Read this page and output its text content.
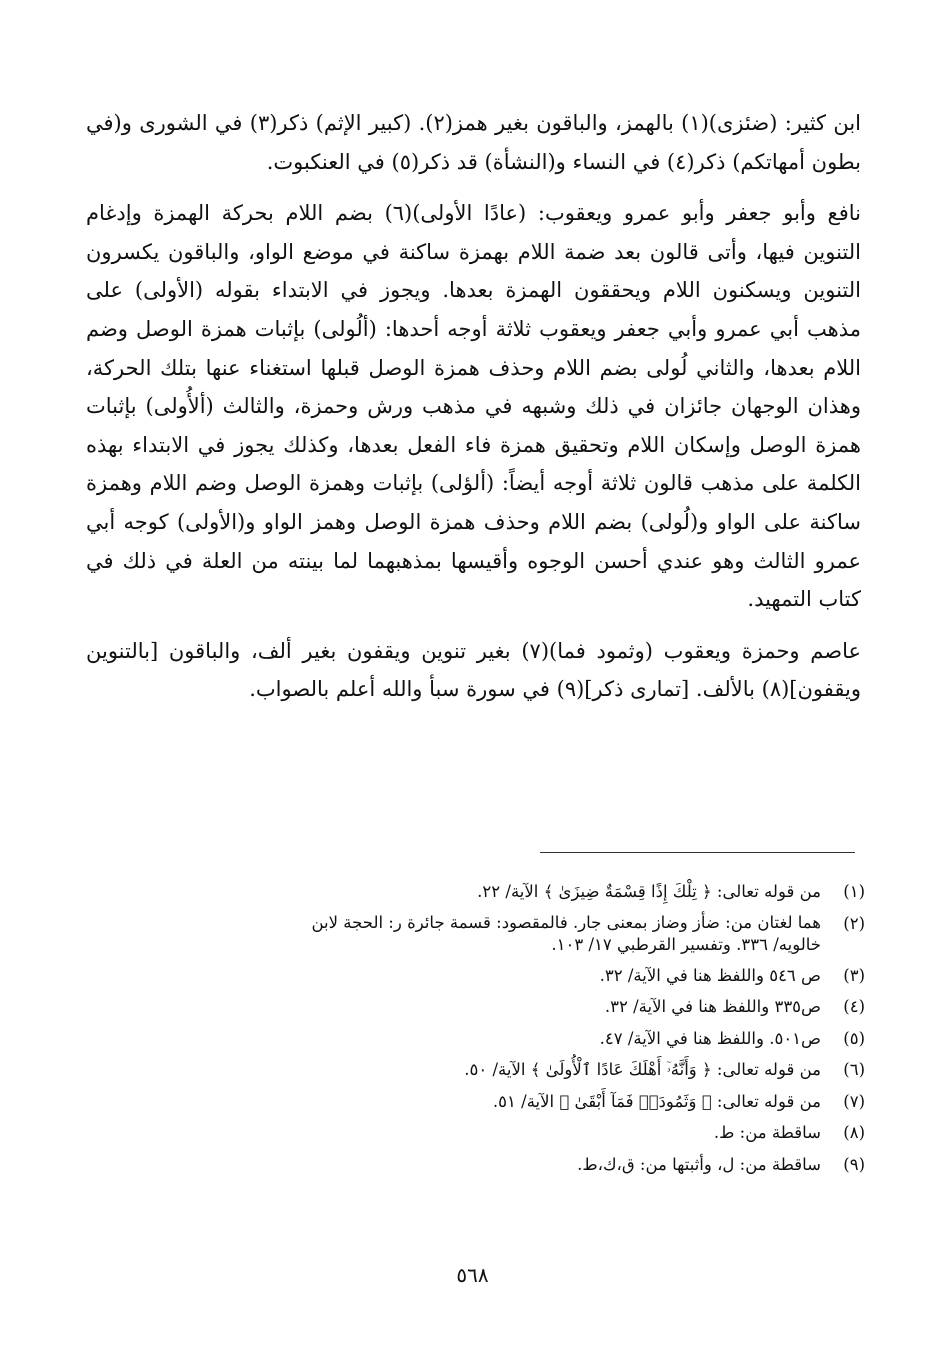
ابن كثير: (ضئزى)(١) بالهمز، والباقون بغير همز(٢). (كبير الإثم) ذكر(٣) في الشورى و(في بطون أمهاتكم) ذكر(٤) في النساء و(النشأة) قد ذكر(٥) في العنكبوت.

نافع وأبو جعفر وأبو عمرو ويعقوب: (عادًا الأولى)(٦) بضم اللام بحركة الهمزة وإدغام التنوين فيها، وأتى قالون بعد ضمة اللام بهمزة ساكنة في موضع الواو، والباقون يكسرون التنوين ويسكنون اللام ويحققون الهمزة بعدها. ويجوز في الابتداء بقوله (الأولى) على مذهب أبي عمرو وأبي جعفر ويعقوب ثلاثة أوجه أحدها: (ألُولى) بإثبات همزة الوصل وضم اللام بعدها، والثاني لُولى بضم اللام وحذف همزة الوصل قبلها استغناء عنها بتلك الحركة، وهذان الوجهان جائزان في ذلك وشبهه في مذهب ورش وحمزة، والثالث (ألأُولى) بإثبات همزة الوصل وإسكان اللام وتحقيق همزة فاء الفعل بعدها، وكذلك يجوز في الابتداء بهذه الكلمة على مذهب قالون ثلاثة أوجه أيضاً: (ألؤلى) بإثبات وهمزة الوصل وضم اللام وهمزة ساكنة على الواو و(لُولى) بضم اللام وحذف همزة الوصل وهمز الواو و(الأولى) كوجه أبي عمرو الثالث وهو عندي أحسن الوجوه وأقيسها بمذهبهما لما بينته من العلة في ذلك في كتاب التمهيد.

عاصم وحمزة ويعقوب (وثمود فما)(٧) بغير تنوين ويقفون بغير ألف، والباقون [بالتنوين ويقفون](٨) بالألف. [تمارى ذكر](٩) في سورة سبأ والله أعلم بالصواب.

(١)
من قوله تعالى: ﴿ تِلْكَ إِذًا قِسْمَةٌ ضِيزَىٰ ﴾ الآية/ ٢٢.
(٢)
هما لغتان من: ضأز وضاز بمعنى جار. فالمقصود: قسمة جائرة ر: الحجة لابن خالويه/ ٣٣٦. وتفسير القرطبي ١٧/ ١٠٣.
(٣)
ص ٥٤٦ واللفظ هنا في الآية/ ٣٢.
(٤)
ص٣٣٥ واللفظ هنا في الآية/ ٣٢.
(٥)
ص٥٠١. واللفظ هنا في الآية/ ٤٧.
(٦)
من قوله تعالى: ﴿ وَأَنَّهُۥٓ أَهْلَكَ عَادًا ٱلْأُولَىٰ ﴾ الآية/ ٥٠.
(٧)
من قوله تعالى: ﴿ وَثَمُودَا۟ فَمَآ أَبْقَىٰ ﴾ الآية/ ٥١.
(٨)
ساقطة من: ط.
(٩)
ساقطة من: ل، وأثبتها من: ق،ك،ط.
٥٦٨
